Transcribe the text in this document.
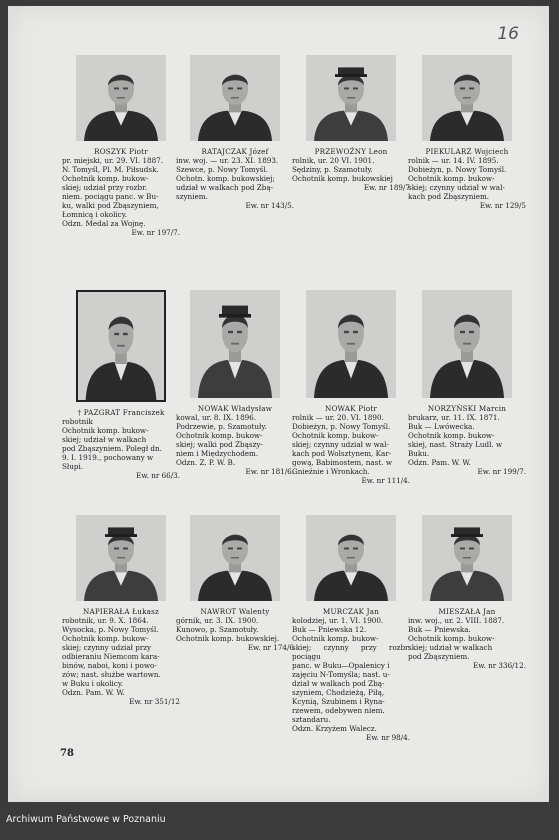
16
78
ROSZYK Piotr
pr. miejski, ur. 29. VI. 1887.
N. Tomyśl, Pl. M. Piłsudsk.
Ochotnik komp. bukow-
skiej; udział przy rozbr.
niem. pociągu panc. w Bu-
ku, walki pod Zbąszyniem,
Łomnicą i okolicy.
Odzn. Medal za Wojnę.
Ew. nr 197/7.
RATAJCZAK Józef
inw. woj. — ur. 23. XI. 1893.
Szewce, p. Nowy Tomyśl.
Ochotn. komp. bukowskiej;
udział w walkach pod Zbą-
szyniem.
Ew. nr 143/5.
PRZEWOŹNY Leon
rolnik, ur. 20 VI. 1901.
Sędziny, p. Szamotuły.
Ochotnik komp. bukowskiej
Ew. nr 189/7
PIEKULARZ Wojciech
rolnik — ur. 14. IV. 1895.
Dobieżyn, p. Nowy Tomyśl.
Ochotnik komp. bukow-
skiej; czynny udział w wal-
kach pod Zbąszyniem.
Ew. nr 129/5
† PAZGRAT Franciszek
robotnik
Ochotnik komp. bukow-
skiej; udział w walkach
pod Zbąszyniem. Poległ dn.
9. I. 1919., pochowany w
Słupi.
Ew. nr 66/3.
NOWAK Władysław
kowal, ur. 8. IX. 1896.
Podrzewie, p. Szamotuły.
Ochotnik komp. bukow-
skiej; walki pod Zbąszy-
niem i Międzychodem.
Odzn. Z. P. W. B.
Ew. nr 181/6.
NOWAK Piotr
rolnik — ur. 20. VI. 1890.
Dobieżyn, p. Nowy Tomyśl.
Ochotnik komp. bukow-
skiej; czynny udział w wal-
kach pod Wolsztynem, Kar-
gową, Babimostem, nast. w
Gnieźnie i Wronkach.
Ew. nr 111/4.
NORZYŃSKI Marcin
brukarz, ur. 11. IX. 1871.
Buk — Lwówecka.
Ochotnik komp. bukow-
skiej, nast. Straży Ludl. w
Buku.
Odzn. Pam. W. W.
Ew. nr 199/7.
NAPIERAŁA Łukasz
robotnik, ur. 9. X. 1864.
Wysocka, p. Nowy Tomyśl.
Ochotnik komp. bukow-
skiej; czynny udział przy
odbieraniu Niemcom kara-
binów, naboi, koni i powo-
zów; nast. służbe wartown.
w Buku i okolicy.
Odzn. Pam. W. W.
Ew. nr 351/12
NAWROT Walenty
górnik, ur. 3. IX. 1900.
Kunowo, p. Szamotuły.
Ochotnik komp. bukowskiej.
Ew. nr 174/6
MURCZAK Jan
kolodziej, ur. 1. VI. 1900.
Buk — Pniewska 12.
Ochotnik komp. bukow-
skiej; czynny przy rozbr. pociągu
panc. w Buku—Opalenicy i
zajęciu N-Tomyśla; nast. u-
dział w walkach pod Zbą-
szyniem, Chodzieżą, Piłą,
Kcynią, Szubinem i Ryna-
rzewem, odebywen niem.
sztandaru.
Odzn. Krzyżem Walecz.
Ew. nr 98/4.
MIESZAŁA Jan
inw. woj., ur. 2. VIII. 1887.
Buk — Pniewska.
Ochotnik komp. bukow-
skiej; udział w walkach
pod Zbąszyniem.
Ew. nr 336/12.
Archiwum Państwowe w Poznaniu
